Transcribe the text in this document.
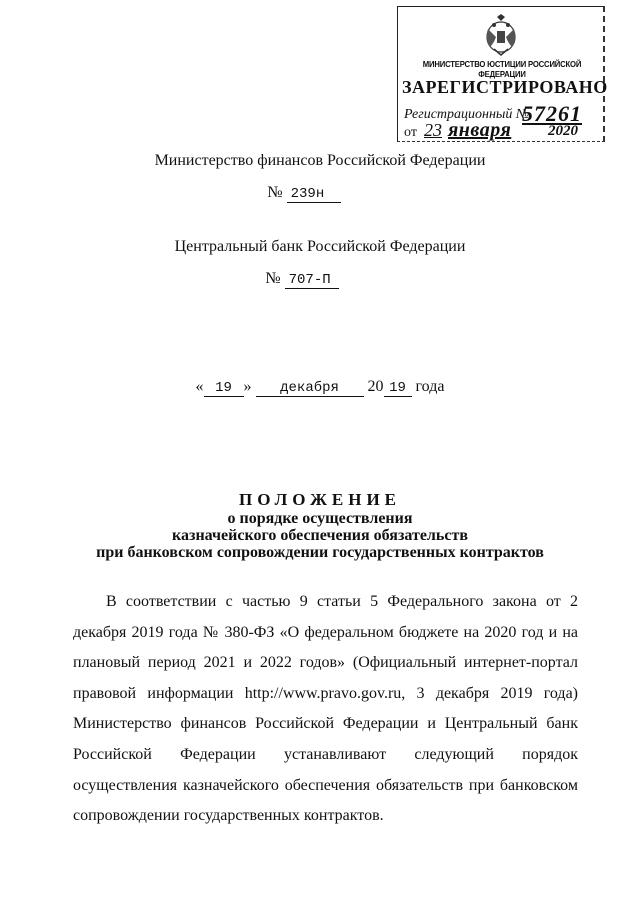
МИНИСТЕРСТВО ЮСТИЦИИ РОССИЙСКОЙ ФЕДЕРАЦИИ
ЗАРЕГИСТРИРОВАНО
Регистрационный №
57261
от 23 января 2020
Министерство финансов Российской Федерации
№ 239н
Центральный банк Российской Федерации
№ 707-П
« 19 » декабря 20 19 года
ПОЛОЖЕНИЕ
о порядке осуществления
казначейского обеспечения обязательств
при банковском сопровождении государственных контрактов

В соответствии с частью 9 статьи 5 Федерального закона от 2 декабря 2019 года № 380-ФЗ «О федеральном бюджете на 2020 год и на плановый период 2021 и 2022 годов» (Официальный интернет-портал правовой информации http://www.pravo.gov.ru, 3 декабря 2019 года) Министерство финансов Российской Федерации и Центральный банк Российской Федерации устанавливают следующий порядок осуществления казначейского обеспечения обязательств при банковском сопровождении государственных контрактов.
